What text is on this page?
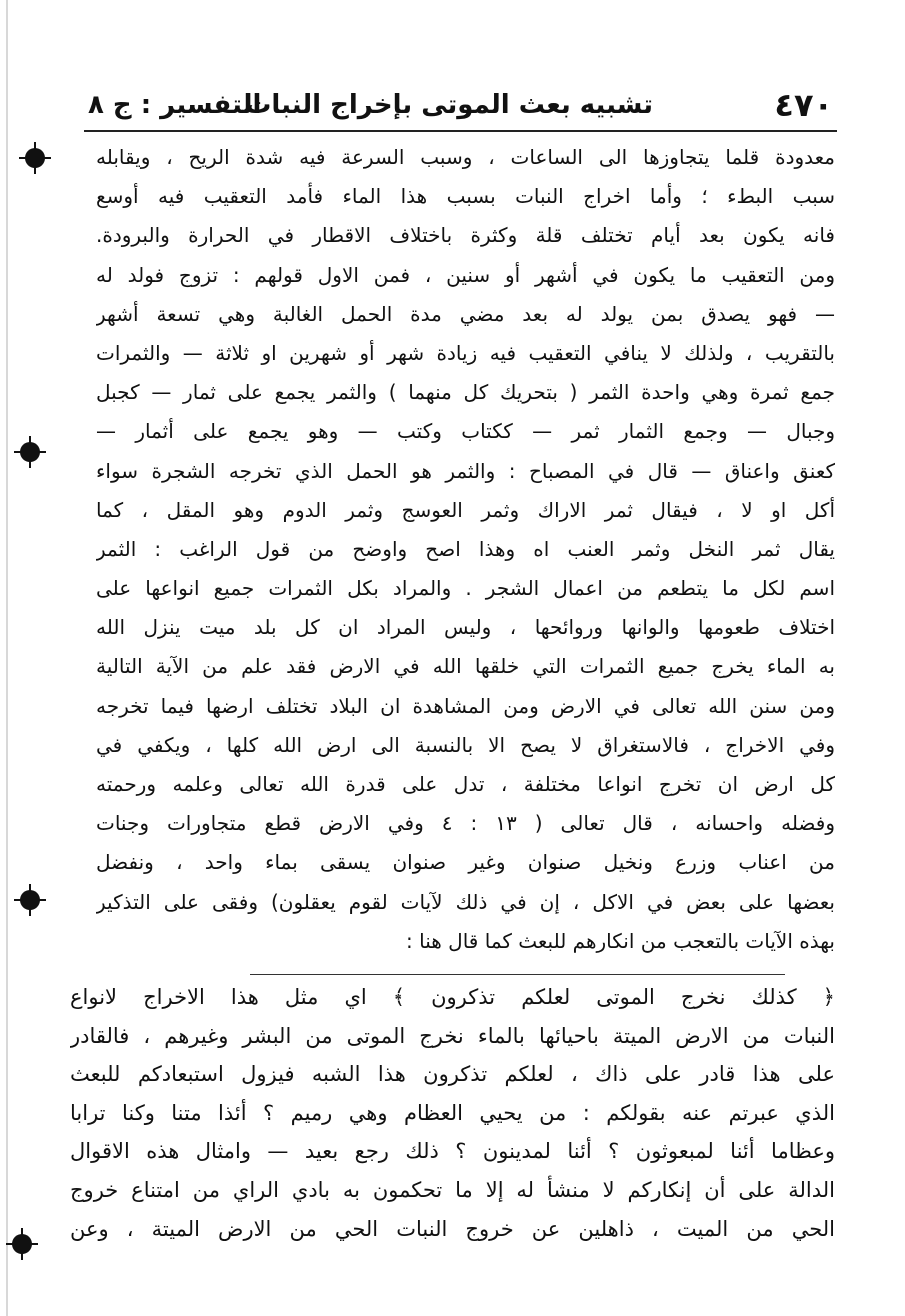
٤٧٠
تشبيه بعث الموتى بإخراج النبات
التفسير : ج ٨
معدودة قلما يتجاوزها الى الساعات ، وسبب السرعة فيه شدة الريح ، ويقابله
سبب البطء ؛ وأما اخراج النبات بسبب هذا الماء فأمد التعقيب فيه أوسع
فانه يكون بعد أيام تختلف قلة وكثرة باختلاف الاقطار في الحرارة والبرودة.
ومن التعقيب ما يكون في أشهر أو سنين ، فمن الاول قولهم : تزوج فولد له
— فهو يصدق بمن يولد له بعد مضي مدة الحمل الغالبة وهي تسعة أشهر
بالتقريب ، ولذلك لا ينافي التعقيب فيه زيادة شهر أو شهرين او ثلاثة — والثمرات
جمع ثمرة وهي واحدة الثمر ( بتحريك كل منهما ) والثمر يجمع على ثمار — كجبل
وجبال — وجمع الثمار ثمر — ككتاب وكتب — وهو يجمع على أثمار —
كعنق واعناق — قال في المصباح : والثمر هو الحمل الذي تخرجه الشجرة سواء
أكل او لا ، فيقال ثمر الاراك وثمر العوسج وثمر الدوم وهو المقل ، كما
يقال ثمر النخل وثمر العنب اه وهذا اصح واوضح من قول الراغب : الثمر
اسم لكل ما يتطعم من اعمال الشجر . والمراد بكل الثمرات جميع انواعها على
اختلاف طعومها والوانها وروائحها ، وليس المراد ان كل بلد ميت ينزل الله
به الماء يخرج جميع الثمرات التي خلقها الله في الارض فقد علم من الآية التالية
ومن سنن الله تعالى في الارض ومن المشاهدة ان البلاد تختلف ارضها فيما تخرجه
وفي الاخراج ، فالاستغراق لا يصح الا بالنسبة الى ارض الله كلها ، ويكفي في
كل ارض ان تخرج انواعا مختلفة ، تدل على قدرة الله تعالى وعلمه ورحمته
وفضله واحسانه ، قال تعالى ( ١٣ : ٤ وفي الارض قطع متجاورات وجنات
من اعناب وزرع ونخيل صنوان وغير صنوان يسقى بماء واحد ، ونفضل
بعضها على بعض في الاكل ، إن في ذلك لآيات لقوم يعقلون) وفقى على التذكير
بهذه الآيات بالتعجب من انكارهم للبعث كما قال هنا :
﴿ كذلك نخرج الموتى لعلكم تذكرون ﴾ اي مثل هذا الاخراج لانواع
النبات من الارض الميتة باحيائها بالماء نخرج الموتى من البشر وغيرهم ، فالقادر
على هذا قادر على ذاك ، لعلكم تذكرون هذا الشبه فيزول استبعادكم للبعث
الذي عبرتم عنه بقولكم : من يحيي العظام وهي رميم ؟ أئذا متنا وكنا ترابا
وعظاما أئنا لمبعوثون ؟ أئنا لمدينون ؟ ذلك رجع بعيد — وامثال هذه الاقوال
الدالة على أن إنكاركم لا منشأ له إلا ما تحكمون به بادي الراي من امتناع خروج
الحي من الميت ، ذاهلين عن خروج النبات الحي من الارض الميتة ، وعن
